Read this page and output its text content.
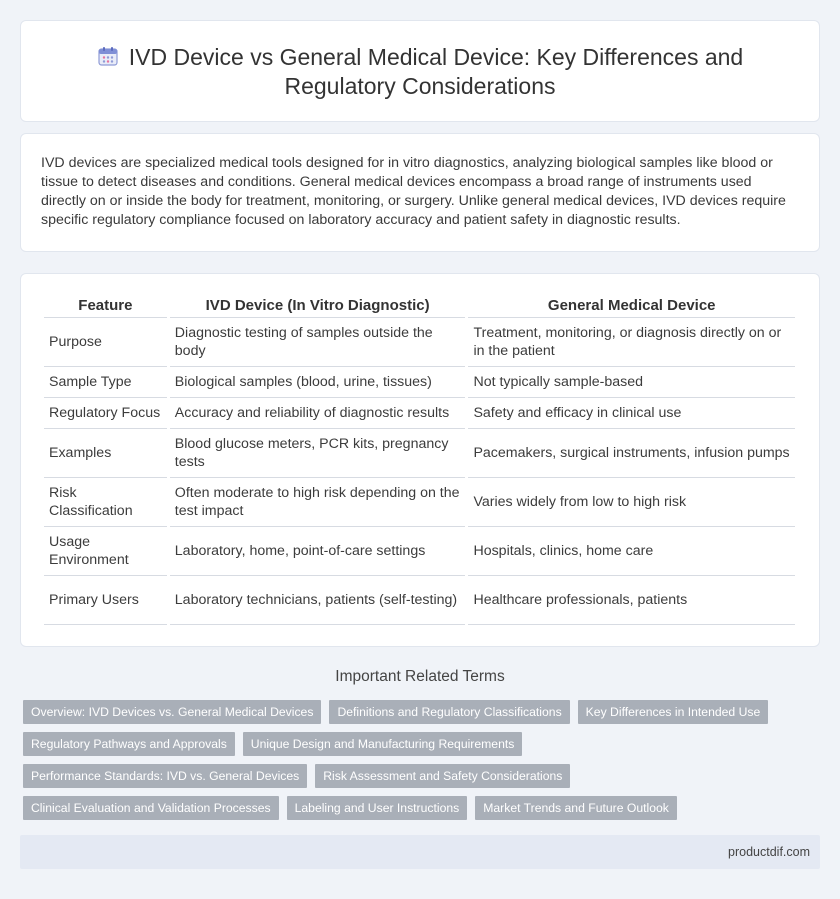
IVD Device vs General Medical Device: Key Differences and Regulatory Considerations

IVD devices are specialized medical tools designed for in vitro diagnostics, analyzing biological samples like blood or tissue to detect diseases and conditions. General medical devices encompass a broad range of instruments used directly on or inside the body for treatment, monitoring, or surgery. Unlike general medical devices, IVD devices require specific regulatory compliance focused on laboratory accuracy and patient safety in diagnostic results.

Feature	IVD Device (In Vitro Diagnostic)	General Medical Device
Purpose	Diagnostic testing of samples outside the body	Treatment, monitoring, or diagnosis directly on or in the patient
Sample Type	Biological samples (blood, urine, tissues)	Not typically sample-based
Regulatory Focus	Accuracy and reliability of diagnostic results	Safety and efficacy in clinical use
Examples	Blood glucose meters, PCR kits, pregnancy tests	Pacemakers, surgical instruments, infusion pumps
Risk Classification	Often moderate to high risk depending on the test impact	Varies widely from low to high risk
Usage Environment	Laboratory, home, point-of-care settings	Hospitals, clinics, home care
Primary Users	Laboratory technicians, patients (self-testing)	Healthcare professionals, patients
Important Related Terms
Overview: IVD Devices vs. General Medical Devices	Definitions and Regulatory Classifications	Key Differences in Intended Use
Regulatory Pathways and Approvals	Unique Design and Manufacturing Requirements
Performance Standards: IVD vs. General Devices	Risk Assessment and Safety Considerations
Clinical Evaluation and Validation Processes	Labeling and User Instructions	Market Trends and Future Outlook
productdif.com
